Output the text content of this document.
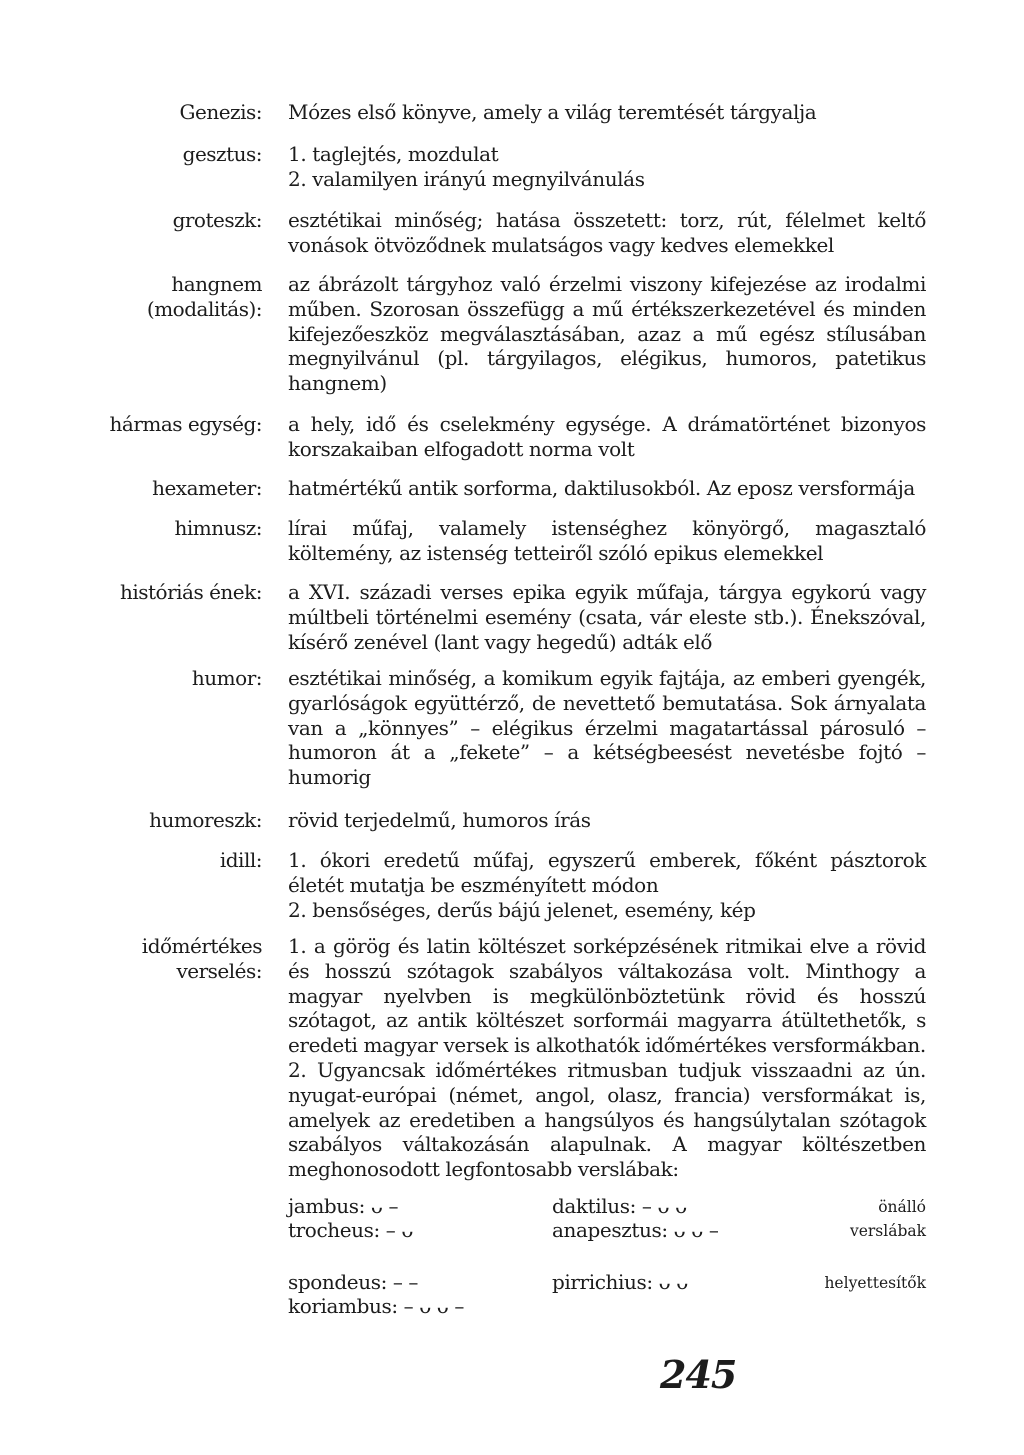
Genezis: Mózes első könyve, amely a világ teremtését tárgyalja
gesztus: 1. taglejtés, mozdulat
2. valamilyen irányú megnyilvánulás
groteszk: esztétikai minőség; hatása összetett: torz, rút, félelmet keltő vonások ötvöződnek mulatságos vagy kedves elemekkel
hangnem
(modalitás):
az ábrázolt tárgyhoz való érzelmi viszony kifejezése az irodalmi műben. Szorosan összefügg a mű értékszerkezetével és minden kifejezőeszköz megválasztásában, azaz a mű egész stílusában megnyilvánul (pl. tárgyilagos, elégikus, humoros, patetikus hangnem)
hármas egység: a hely, idő és cselekmény egysége. A drámatörténet bizonyos korszakaiban elfogadott norma volt
hexameter: hatmértékű antik sorforma, daktilusokból. Az eposz versformája
himnusz: lírai műfaj, valamely istenséghez könyörgő, magasztaló költemény, az istenség tetteiről szóló epikus elemekkel
históriás ének: a XVI. századi verses epika egyik műfaja, tárgya egykorú vagy múltbeli történelmi esemény (csata, vár eleste stb.). Énekszóval, kísérő zenével (lant vagy hegedű) adták elő
humor: esztétikai minőség, a komikum egyik fajtája, az emberi gyengék, gyarlóságok együttérző, de nevettető bemutatása. Sok árnyalata van a „könnyes” – elégikus érzelmi magatartással párosuló – humoron át a „fekete” – a kétségbeesést nevetésbe fojtó – humorig
humoreszk: rövid terjedelmű, humoros írás
idill: 1. ókori eredetű műfaj, egyszerű emberek, főként pásztorok életét mutatja be eszményített módon
2. bensőséges, derűs bájú jelenet, esemény, kép
időmértékes
verselés:
1. a görög és latin költészet sorképzésének ritmikai elve a rövid és hosszú szótagok szabályos váltakozása volt. Minthogy a magyar nyelvben is megkülönböztetünk rövid és hosszú szótagot, az antik költészet sorformái magyarra átültethetők, s eredeti magyar versek is alkothatók időmértékes versformákban.
2. Ugyancsak időmértékes ritmusban tudjuk visszaadni az ún. nyugat-európai (német, angol, olasz, francia) versformákat is, amelyek az eredetiben a hangsúlyos és hangsúlytalan szótagok szabályos váltakozásán alapulnak. A magyar költészetben meghonosodott legfontosabb verslábak:
jambus: ᴗ –	daktilus: – ᴗ ᴗ	önálló
trocheus: – ᴗ	anapesztus: ᴗ ᴗ –	verslábak
spondeus: – –	pirrichius: ᴗ ᴗ	helyettesítők
koriambus: – ᴗ ᴗ –
245
